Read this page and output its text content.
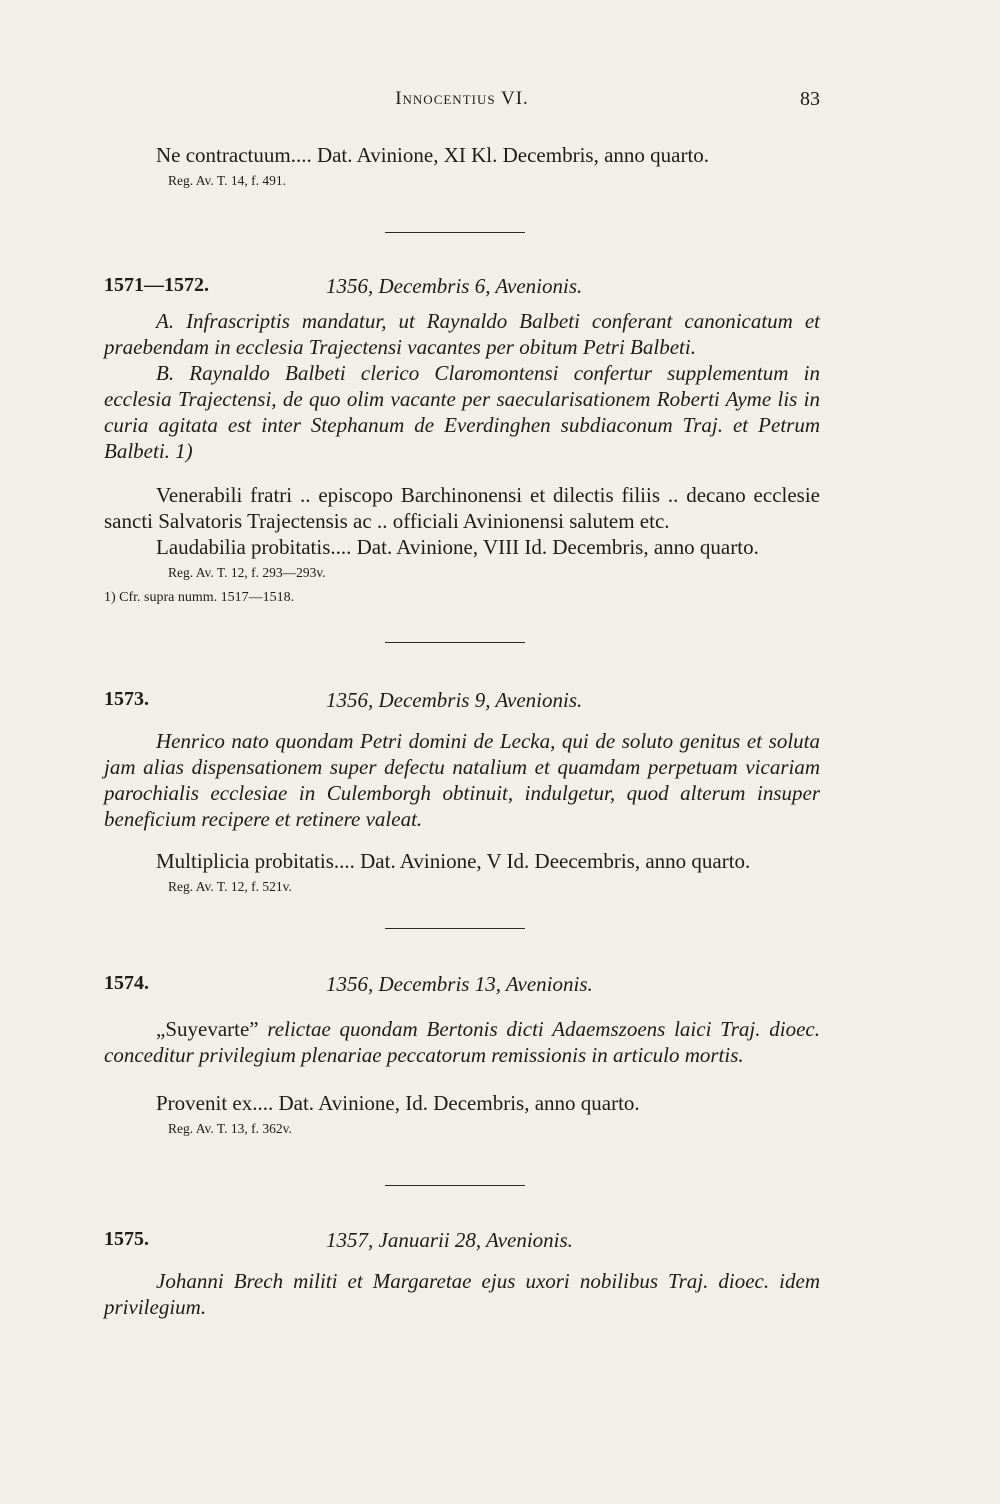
Innocentius VI.	83

Ne contractuum.... Dat. Avinione, XI Kl. Decembris, anno quarto.

Reg. Av. T. 14, f. 491.

1571—1572.	1356, Decembris 6, Avenionis.

A. Infrascriptis mandatur, ut Raynaldo Balbeti conferant canonicatum et praebendam in ecclesia Trajectensi vacantes per obitum Petri Balbeti.

B. Raynaldo Balbeti clerico Claromontensi confertur supplementum in ecclesia Trajectensi, de quo olim vacante per saecularisationem Roberti Ayme lis in curia agitata est inter Stephanum de Everdinghen subdiaconum Traj. et Petrum Balbeti. 1)

Venerabili fratri .. episcopo Barchinonensi et dilectis filiis .. decano ecclesie sancti Salvatoris Trajectensis ac .. officiali Avinionensi salutem etc.

Laudabilia probitatis.... Dat. Avinione, VIII Id. Decembris, anno quarto.

Reg. Av. T. 12, f. 293—293v.

1) Cfr. supra numm. 1517—1518.

1573.	1356, Decembris 9, Avenionis.

Henrico nato quondam Petri domini de Lecka, qui de soluto genitus et soluta jam alias dispensationem super defectu natalium et quamdam perpetuam vicariam parochialis ecclesiae in Culemborgh obtinuit, indulgetur, quod alterum insuper beneficium recipere et retinere valeat.

Multiplicia probitatis.... Dat. Avinione, V Id. Deecembris, anno quarto.

Reg. Av. T. 12, f. 521v.

1574.	1356, Decembris 13, Avenionis.

„Suyevarte” relictae quondam Bertonis dicti Adaemszoens laici Traj. dioec. conceditur privilegium plenariae peccatorum remissionis in articulo mortis.

Provenit ex.... Dat. Avinione, Id. Decembris, anno quarto.

Reg. Av. T. 13, f. 362v.

1575.	1357, Januarii 28, Avenionis.

Johanni Brech militi et Margaretae ejus uxori nobilibus Traj. dioec. idem privilegium.
